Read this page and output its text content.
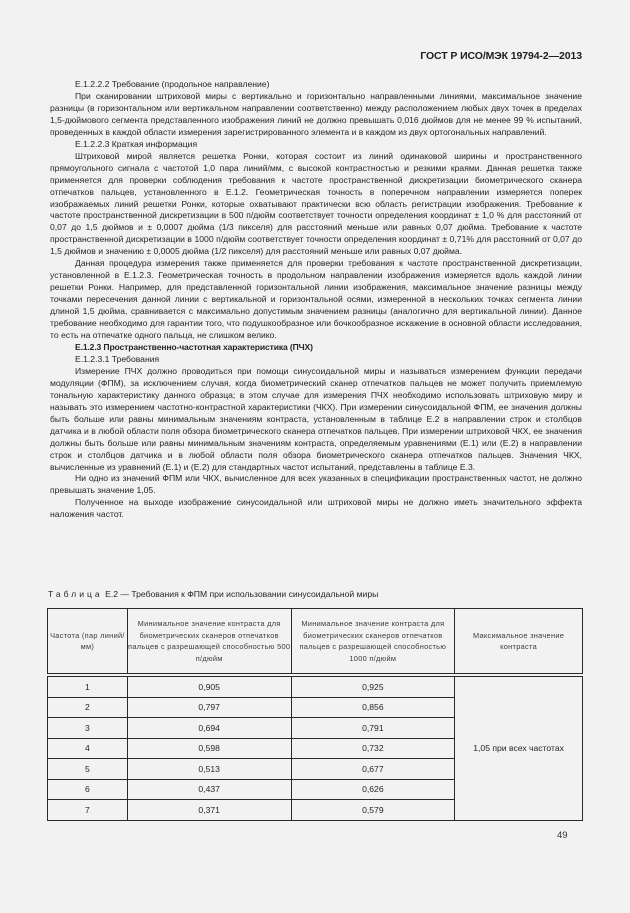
ГОСТ Р ИСО/МЭК 19794-2—2013

Е.1.2.2.2 Требование (продольное направление)

При сканировании штриховой миры с вертикально и горизонтально направленными линиями, максимальное значение разницы (в горизонтальном или вертикальном направлении соответственно) между расположением любых двух точек в пределах 1,5-дюймового сегмента представленного изображения линий не должно превышать 0,016 дюймов для не менее 99 % испытаний, проведенных в каждой области измерения зарегистрированного элемента и в каждом из двух ортогональных направлений.

Е.1.2.2.3 Краткая информация

Штриховой мирой является решетка Ронки, которая состоит из линий одинаковой ширины и пространственного прямоугольного сигнала с частотой 1,0 пара линий/мм, с высокой контрастностью и резкими краями. Данная решетка также применяется для проверки соблюдения требования к частоте пространственной дискретизации биометрического сканера отпечатков пальцев, установленного в Е.1.2. Геометрическая точность в поперечном направлении измеряется поперек изображаемых линий решетки Ронки, которые охватывают практически всю область регистрации изображения. Требование к частоте пространственной дискретизации в 500 п/дюйм соответствует точности определения координат ± 1,0 % для расстояний от 0,07 до 1,5 дюймов и ± 0,0007 дюйма (1/3 пикселя) для расстояний меньше или равных 0,07 дюйма. Требование к частоте пространственной дискретизации в 1000 п/дюйм соответствует точности определения координат ± 0,71% для расстояний от 0,07 до 1,5 дюймов и значению ± 0,0005 дюйма (1/2 пикселя) для расстояний меньше или равных 0,07 дюйма.

Данная процедура измерения также применяется для проверки требования к частоте пространственной дискретизации, установленной в Е.1.2.3. Геометрическая точность в продольном направлении изображения измеряется вдоль каждой линии решетки Ронки. Например, для представленной горизонтальной линии изображения, максимальное значение разницы между точками пересечения данной линии с вертикальной и горизонтальной осями, измеренной в нескольких точках сегмента линии длиной 1,5 дюйма, сравнивается с максимально допустимым значением разницы (аналогично для вертикальной линии). Данное требование необходимо для гарантии того, что подушкообразное или бочкообразное искажение в основной области исследования, то есть на отпечатке одного пальца, не слишком велико.

Е.1.2.3 Пространственно-частотная характеристика (ПЧХ)

Е.1.2.3.1 Требования

Измерение ПЧХ должно проводиться при помощи синусоидальной миры и называться измерением функции передачи модуляции (ФПМ), за исключением случая, когда биометрический сканер отпечатков пальцев не может получить приемлемую тональную характеристику данного образца; в этом случае для измерения ПЧХ необходимо использовать штриховую миру и называть это измерением частотно-контрастной характеристики (ЧКХ). При измерении синусоидальной ФПМ, ее значения должны быть больше или равны минимальным значениям контраста, установленным в таблице Е.2 в направлении строк и столбцов датчика и в любой области поля обзора биометрического сканера отпечатков пальцев. При измерении штриховой ЧКХ, ее значения должны быть больше или равны минимальным значениям контраста, определяемым уравнениями (Е.1) или (Е.2) в направлении строк и столбцов датчика и в любой области поля обзора биометрического сканера отпечатков пальцев. Значения ЧКХ, вычисленные из уравнений (Е.1) и (Е.2) для стандартных частот испытаний, представлены в таблице Е.3.

Ни одно из значений ФПМ или ЧКХ, вычисленное для всех указанных в спецификации пространственных частот, не должно превышать значение 1,05.

Полученное на выходе изображение синусоидальной или штриховой миры не должно иметь значительного эффекта наложения частот.

Таблица Е.2 — Требования к ФПМ при использовании синусоидальной миры
Частота (пар линий/мм)	Минимальное значение контраста для биометрических сканеров отпечатков пальцев с разрешающей способностью 500 п/дюйм	Минимальное значение контраста для биометрических сканеров отпечатков пальцев с разрешающей способностью 1000 п/дюйм	Максимальное значение контраста
1	0,905	0,925	1,05 при всех частотах
2	0,797	0,856	
3	0,694	0,791	
4	0,598	0,732	
5	0,513	0,677	
6	0,437	0,626	
7	0,371	0,579	
49
